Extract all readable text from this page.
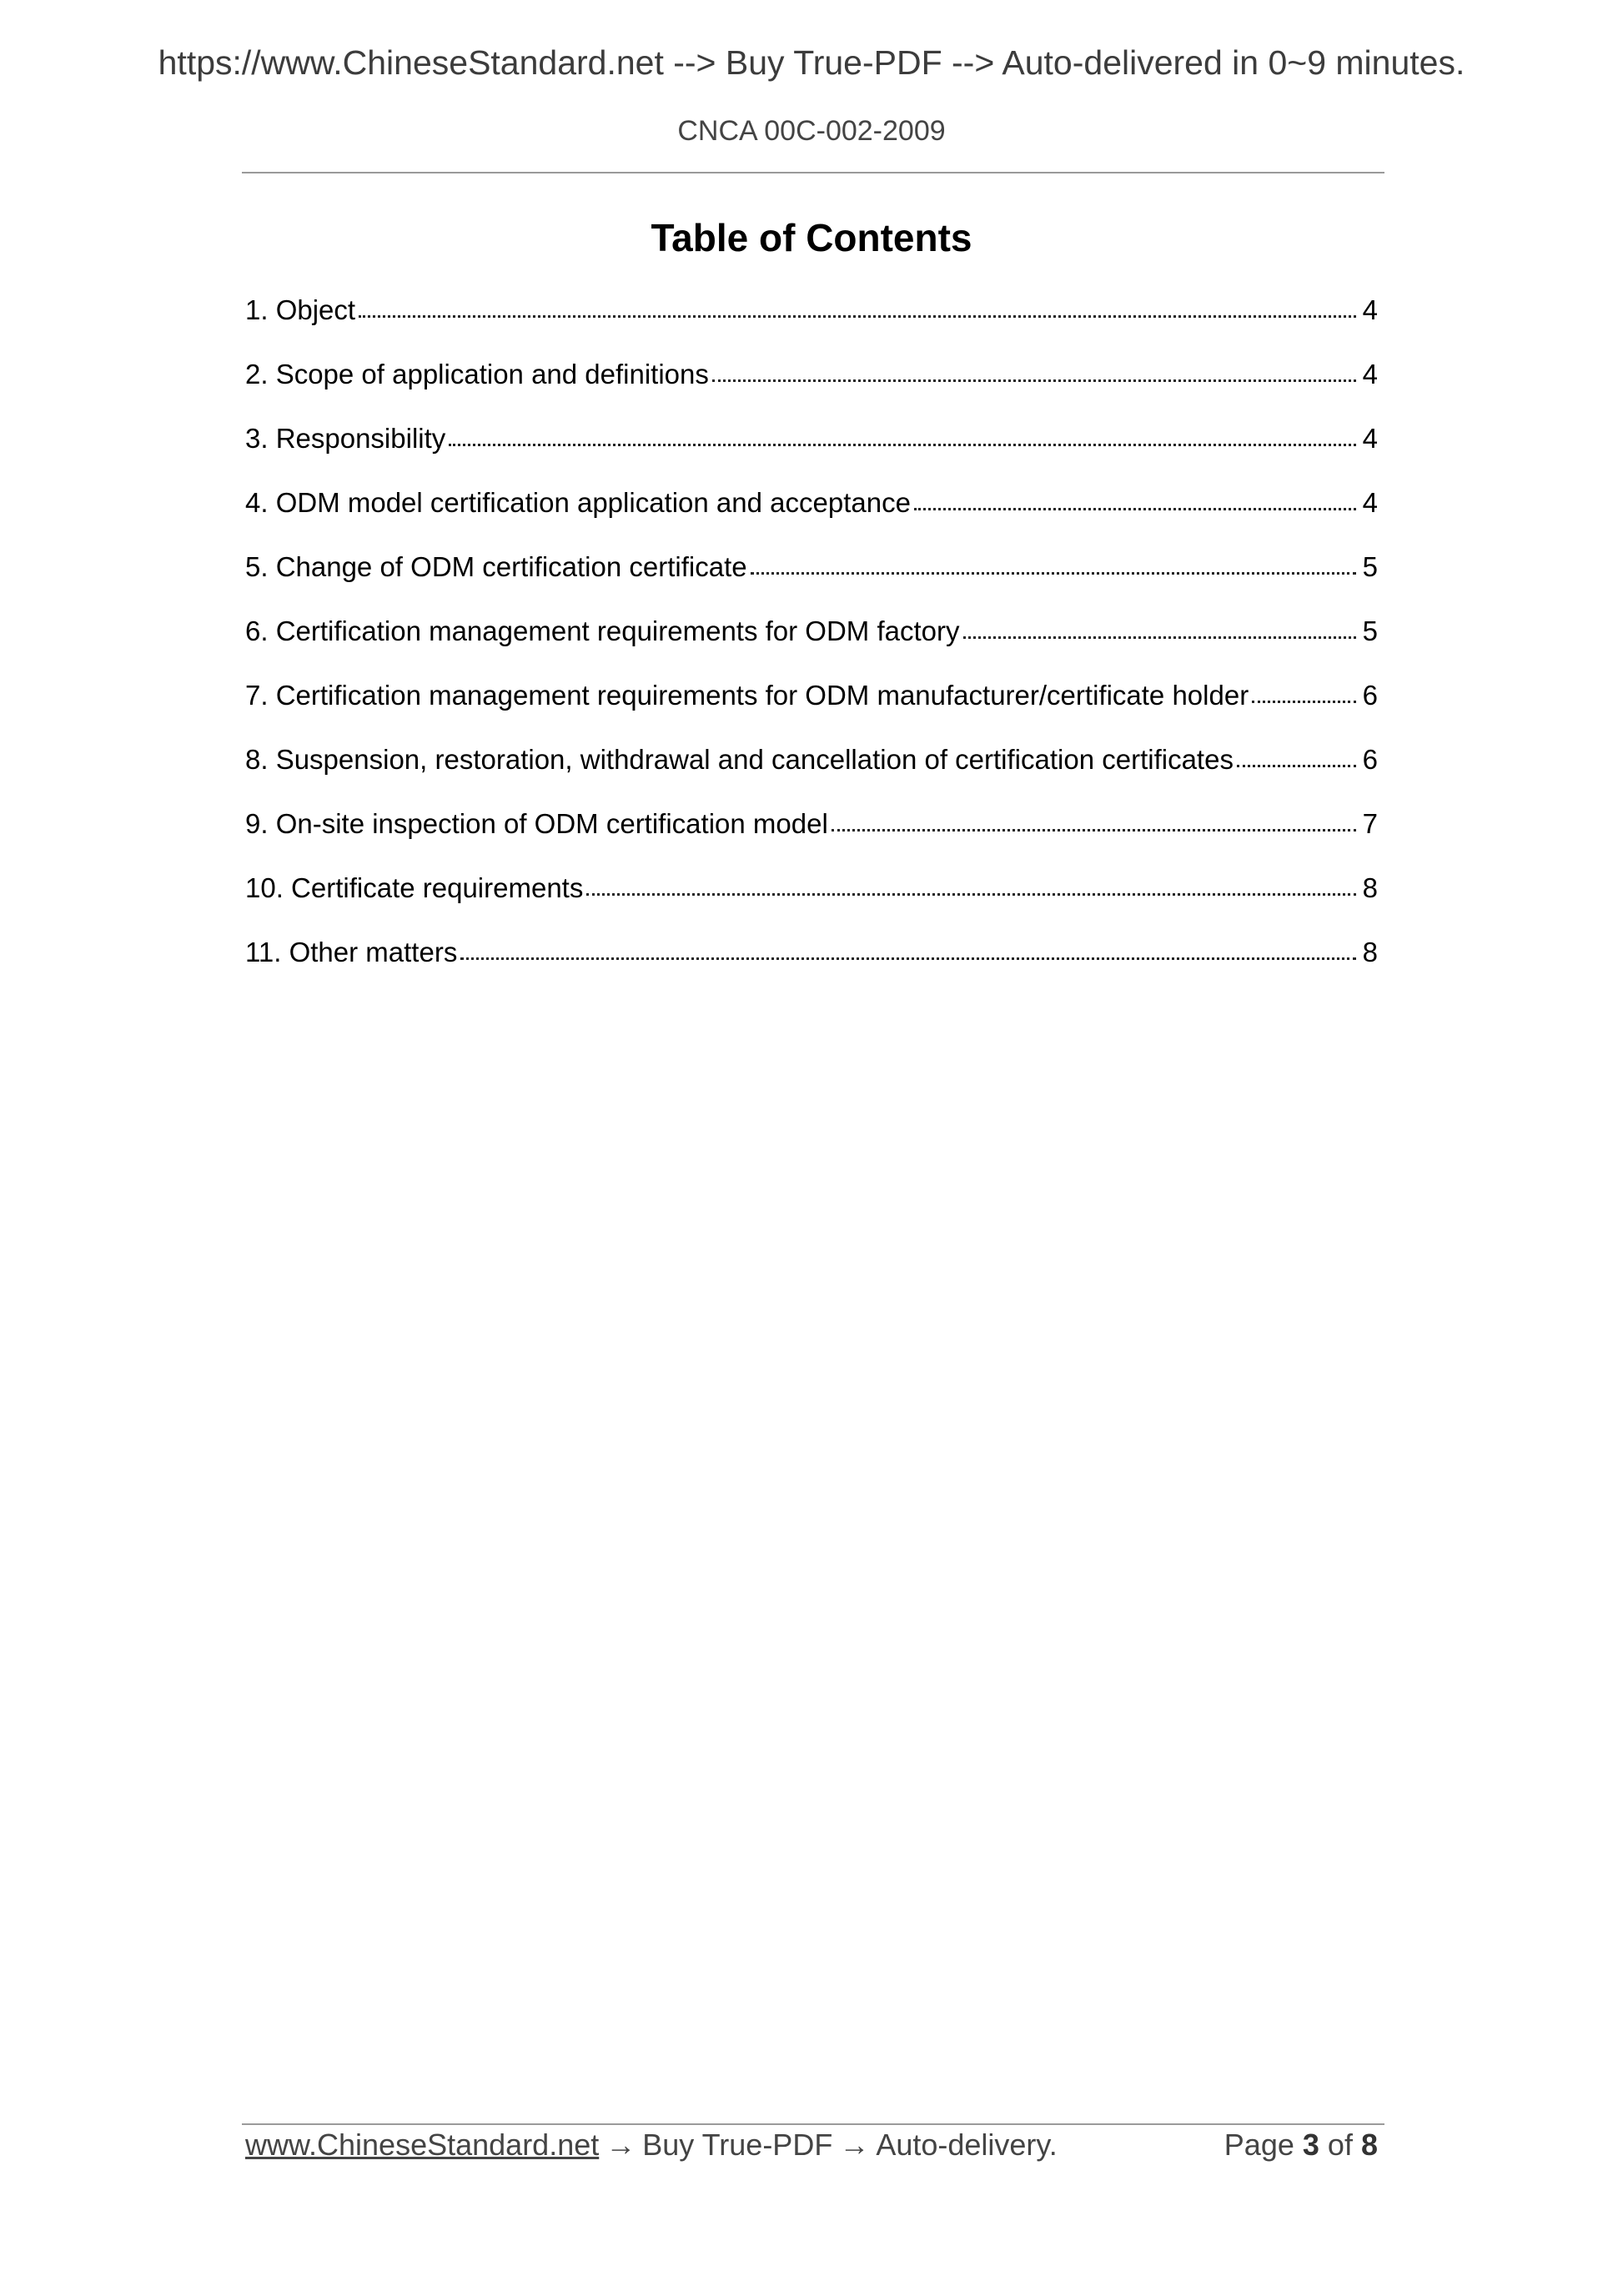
https://www.ChineseStandard.net --> Buy True-PDF --> Auto-delivered in 0~9 minutes.
CNCA 00C-002-2009
Table of Contents
1. Object	4
2. Scope of application and definitions	4
3. Responsibility	4
4. ODM model certification application and acceptance	4
5. Change of ODM certification certificate	5
6. Certification management requirements for ODM factory	5
7. Certification management requirements for ODM manufacturer/certificate holder	6
8. Suspension, restoration, withdrawal and cancellation of certification certificates	6
9. On-site inspection of ODM certification model	7
10. Certificate requirements	8
11. Other matters	8
www.ChineseStandard.net → Buy True-PDF → Auto-delivery.	Page 3 of 8
